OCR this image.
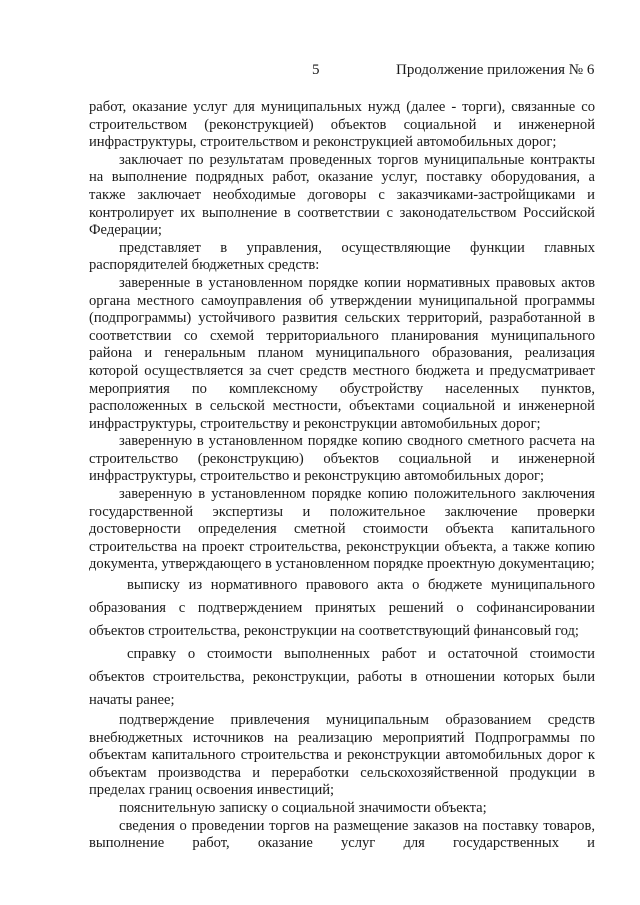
5	Продолжение приложения № 6

работ, оказание услуг для муниципальных нужд (далее - торги), связанные со строительством (реконструкцией) объектов социальной и инженерной инфраструктуры, строительством и реконструкцией автомобильных дорог;

заключает по результатам проведенных торгов муниципальные контракты на выполнение подрядных работ, оказание услуг, поставку оборудования, а также заключает необходимые договоры с заказчиками-застройщиками и контролирует их выполнение в соответствии с законодательством Российской Федерации;

представляет в управления, осуществляющие функции главных распорядителей бюджетных средств:

заверенные в установленном порядке копии нормативных правовых актов органа местного самоуправления об утверждении муниципальной программы (подпрограммы) устойчивого развития сельских территорий, разработанной в соответствии со схемой территориального планирования муниципального района и генеральным планом муниципального образования, реализация которой осуществляется за счет средств местного бюджета и предусматривает мероприятия по комплексному обустройству населенных пунктов, расположенных в сельской местности, объектами социальной и инженерной инфраструктуры, строительству и реконструкции автомобильных дорог;

заверенную в установленном порядке копию сводного сметного расчета на строительство (реконструкцию) объектов социальной и инженерной инфраструктуры, строительство и реконструкцию автомобильных дорог;

заверенную в установленном порядке копию положительного заключения государственной экспертизы и положительное заключение проверки достоверности определения сметной стоимости объекта капитального строительства на проект строительства, реконструкции объекта, а также копию документа, утверждающего в установленном порядке проектную документацию;

выписку из нормативного правового акта о бюджете муниципального образования с подтверждением принятых решений о софинансировании объектов строительства, реконструкции на соответствующий финансовый год;

справку о стоимости выполненных работ и остаточной стоимости объектов строительства, реконструкции, работы в отношении которых были начаты ранее;

подтверждение привлечения муниципальным образованием средств внебюджетных источников на реализацию мероприятий Подпрограммы по объектам капитального строительства и реконструкции автомобильных дорог к объектам производства и переработки сельскохозяйственной продукции в пределах границ освоения инвестиций;

пояснительную записку о социальной значимости объекта;

сведения о проведении торгов на размещение заказов на поставку товаров, выполнение работ, оказание услуг для государственных и
